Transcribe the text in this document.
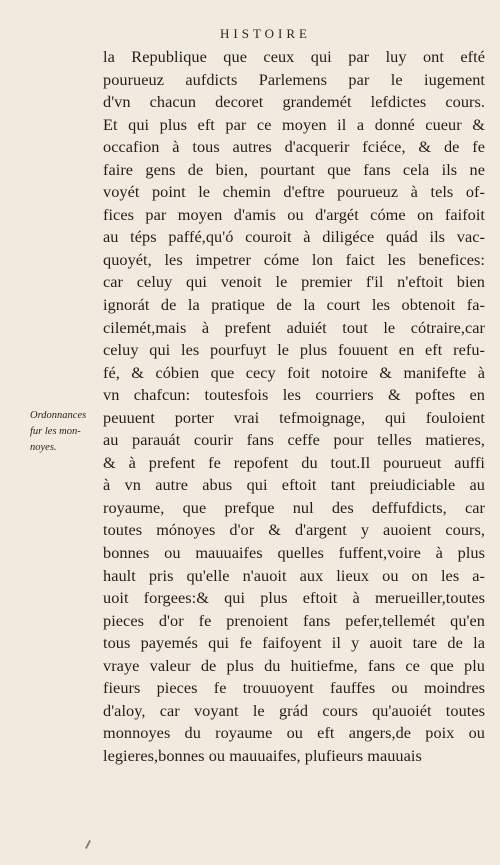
HISTOIRE
la Republique que ceux qui par luy ont efté
pourueuz aufdicts Parlemens par le iugement
d'vn chacun decoret grandemét lefdictes cours.
Et qui plus eft par ce moyen il a donné cueur &
occafion à tous autres d'acquerir fciéce, & de fe
faire gens de bien, pourtant que fans cela ils ne
voyét point le chemin d'eftre pourueuz à tels of-
fices par moyen d'amis ou d'argét cóme on faifoit
au téps paffé,qu'ó couroit à diligéce quád ils vac-
quoyét, les impetrer cóme lon faict les benefices:
car celuy qui venoit le premier f'il n'eftoit bien
ignorát de la pratique de la court les obtenoit fa-
cilemét,mais à prefent aduiét tout le cótraire,car
celuy qui les pourfuyt le plus fouuent en eft refu-
fé, & cóbien que cecy foit notoire & manifefte à
vn chafcun: toutesfois les courriers & poftes en
peuuent porter vrai tefmoignage, qui fouloient
au parauát courir fans ceffe pour telles matieres,
& à prefent fe repofent du tout.Il pourueut auffi
à vn autre abus qui eftoit tant preiudiciable au
royaume, que prefque nul des deffufdicts, car
toutes mónoyes d'or & d'argent y auoient cours,
bonnes ou mauuaifes quelles fuffent,voire à plus
hault pris qu'elle n'auoit aux lieux ou on les a-
uoit forgees:& qui plus eftoit à merueiller,toutes
pieces d'or fe prenoient fans pefer,tellemét qu'en
tous payemés qui fe faifoyent il y auoit tare de la
vraye valeur de plus du huitiefme, fans ce que plu
fieurs pieces fe trouuoyent fauffes ou moindres
d'aloy, car voyant le grád cours qu'auoiét toutes
monnoyes du royaume ou eft angers,de poix ou
legieres,bonnes ou mauuaifes, plufieurs mauuais
Ordonnances
fur les mon-
noyes.
